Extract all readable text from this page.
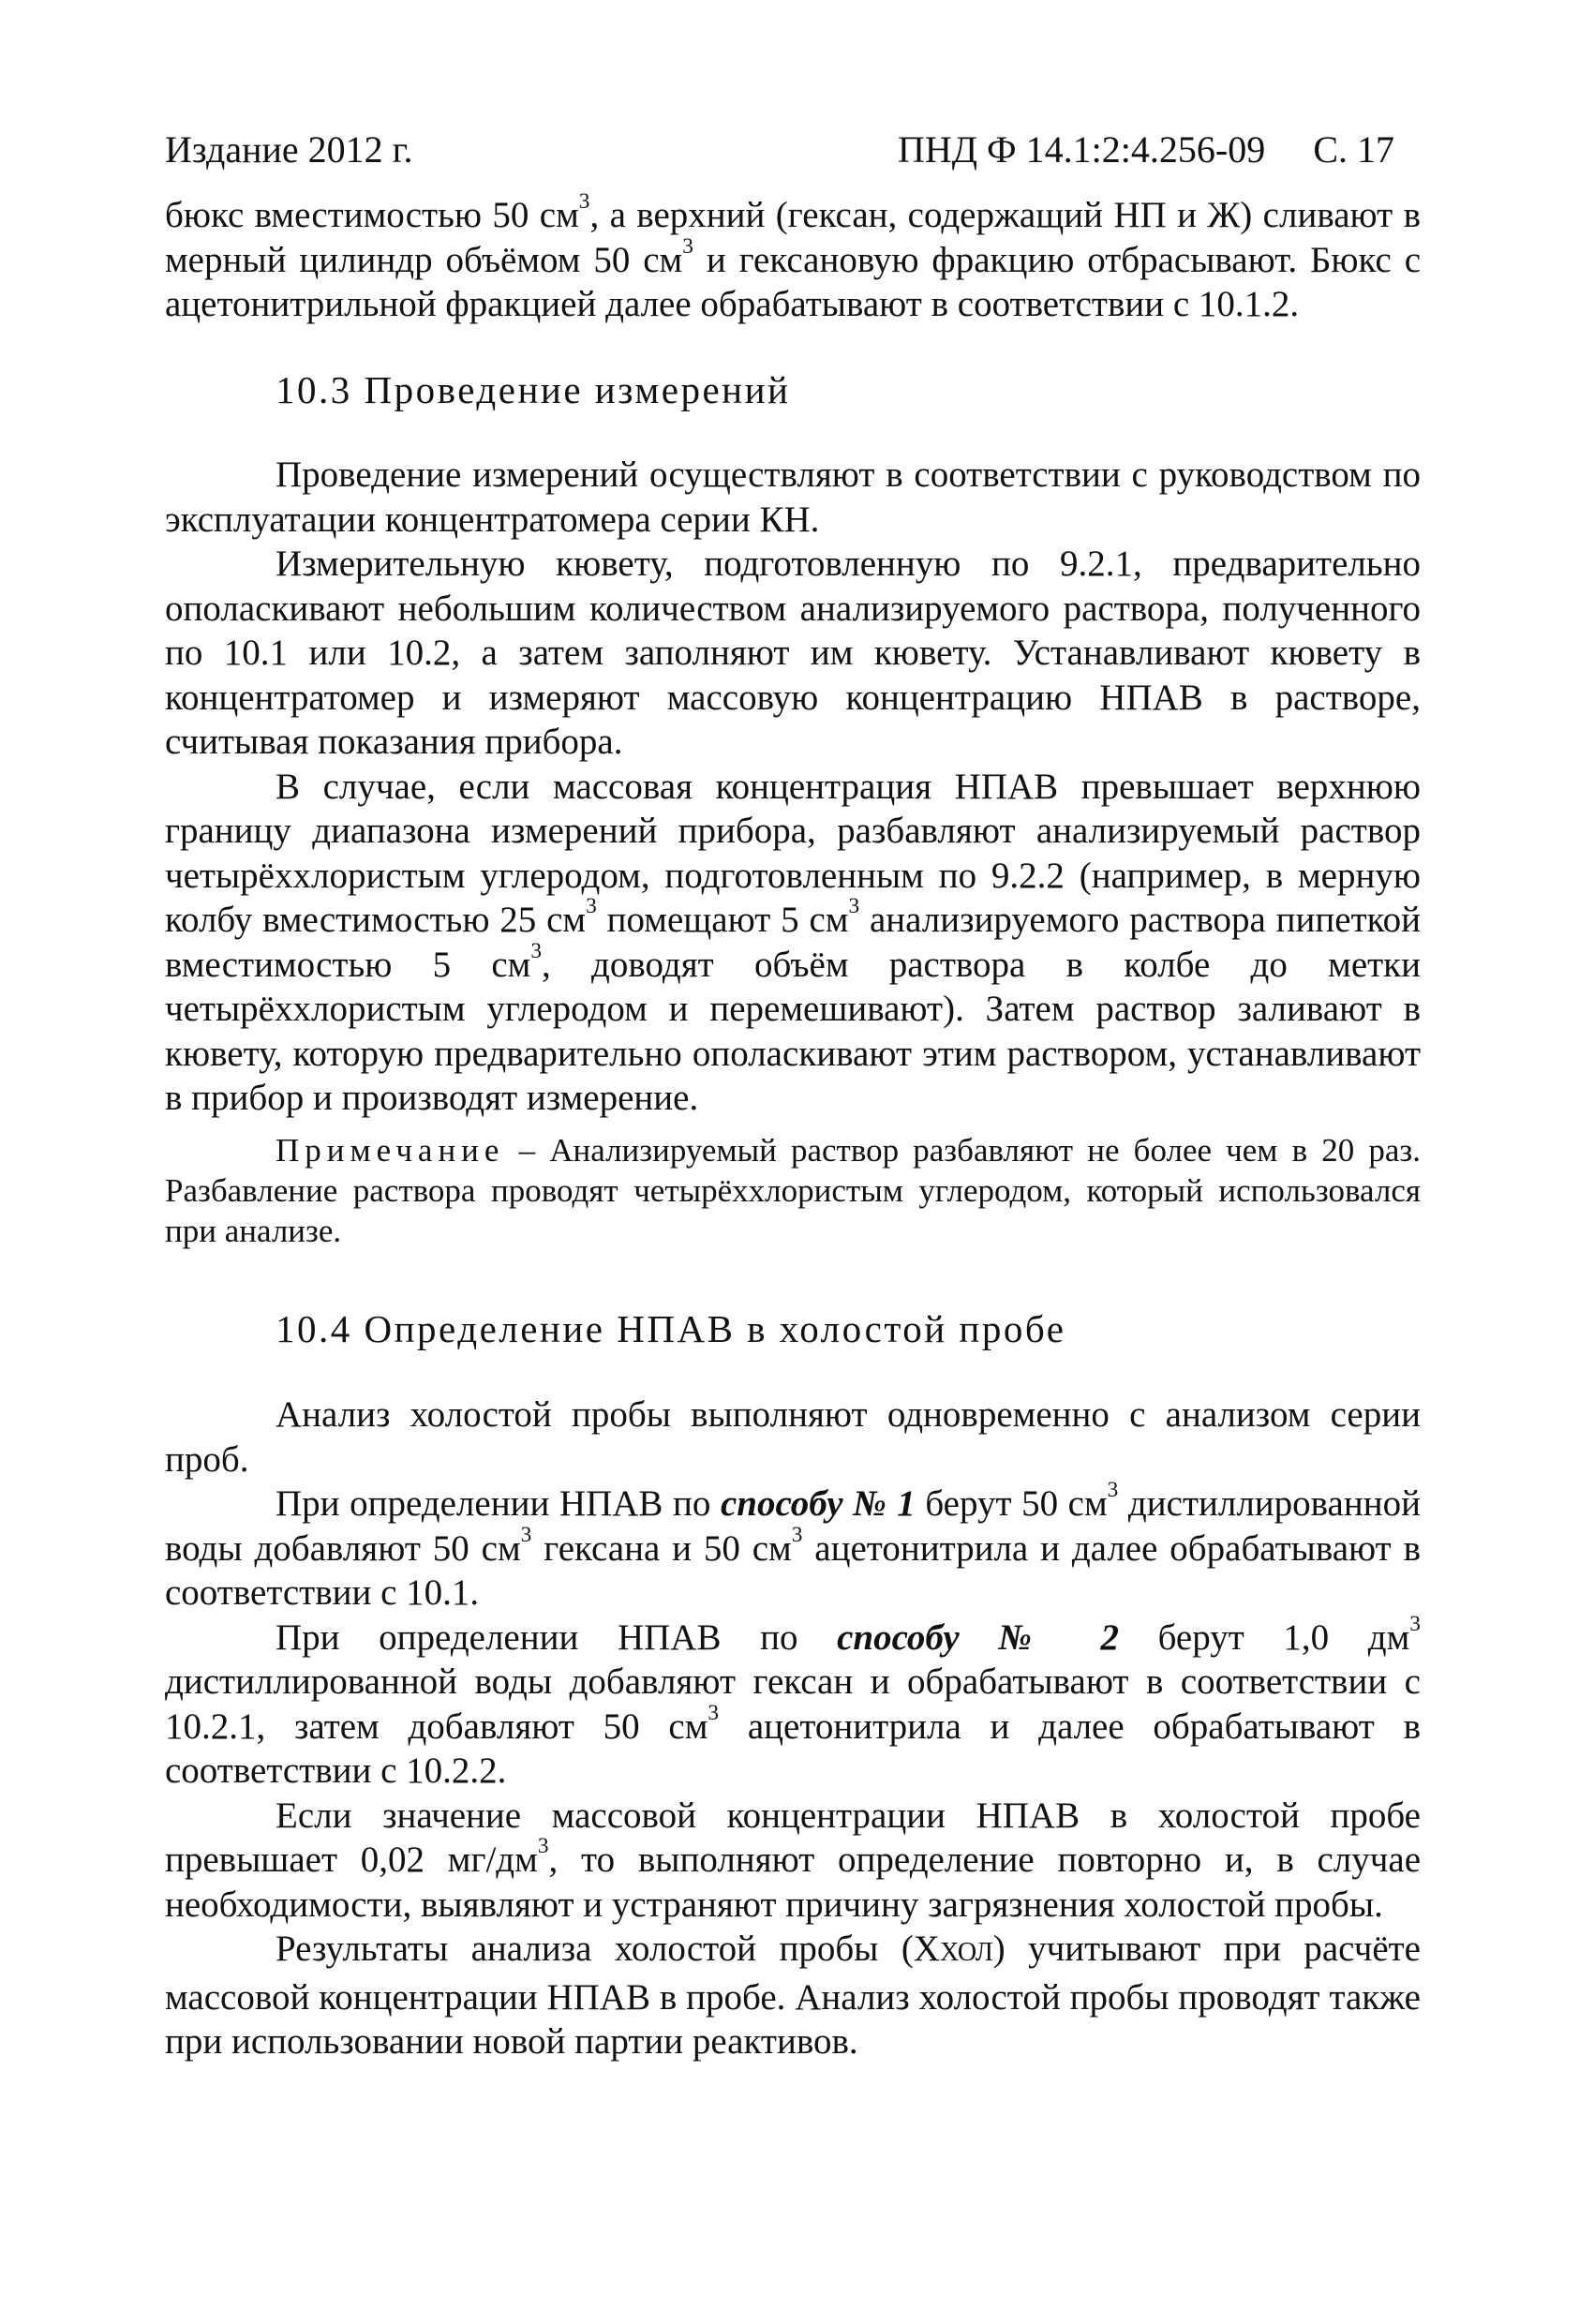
Издание 2012 г.	ПНД Ф 14.1:2:4.256-09 С. 17

бюкс вместимостью 50 $см^3$, а верхний (гексан, содержащий НП и Ж) сливают в мерный цилиндр объёмом 50 $см^3$ и гексановую фракцию отбрасывают. Бюкс с ацетонитрильной фракцией далее обрабатывают в соответствии с 10.1.2.

10.3 Проведение измерений

Проведение измерений осуществляют в соответствии с руководством по эксплуатации концентратомера серии КН.

Измерительную кювету, подготовленную по 9.2.1, предварительно ополаскивают небольшим количеством анализируемого раствора, полученного по 10.1 или 10.2, а затем заполняют им кювету. Устанавливают кювету в концентратомер и измеряют массовую концентрацию НПАВ в растворе, считывая показания прибора.

В случае, если массовая концентрация НПАВ превышает верхнюю границу диапазона измерений прибора, разбавляют анализируемый раствор четырёххлористым углеродом, подготовленным по 9.2.2 (например, в мерную колбу вместимостью 25 $см^3$ помещают 5 $см^3$ анализируемого раствора пипеткой вместимостью 5 $см^3$, доводят объём раствора в колбе до метки четырёххлористым углеродом и перемешивают). Затем раствор заливают в кювету, которую предварительно ополаскивают этим раствором, устанавливают в прибор и производят измерение.

Примечание – Анализируемый раствор разбавляют не более чем в 20 раз. Разбавление раствора проводят четырёххлористым углеродом, который использовался при анализе.

10.4 Определение НПАВ в холостой пробе

Анализ холостой пробы выполняют одновременно с анализом серии проб.

При определении НПАВ по способу № 1 берут 50 $см^3$ дистиллированной воды добавляют 50 $см^3$ гексана и 50 $см^3$ ацетонитрила и далее обрабатывают в соответствии с 10.1.

При определении НПАВ по способу № 2 берут 1,0 $дм^3$ дистиллированной воды добавляют гексан и обрабатывают в соответствии с 10.2.1, затем добавляют 50 $см^3$ ацетонитрила и далее обрабатывают в соответствии с 10.2.2.

Если значение массовой концентрации НПАВ в холостой пробе превышает 0,02 $мг/дм^3$, то выполняют определение повторно и, в случае необходимости, выявляют и устраняют причину загрязнения холостой пробы.

Результаты анализа холостой пробы (XХОЛ) учитывают при расчёте массовой концентрации НПАВ в пробе. Анализ холостой пробы проводят также при использовании новой партии реактивов.
